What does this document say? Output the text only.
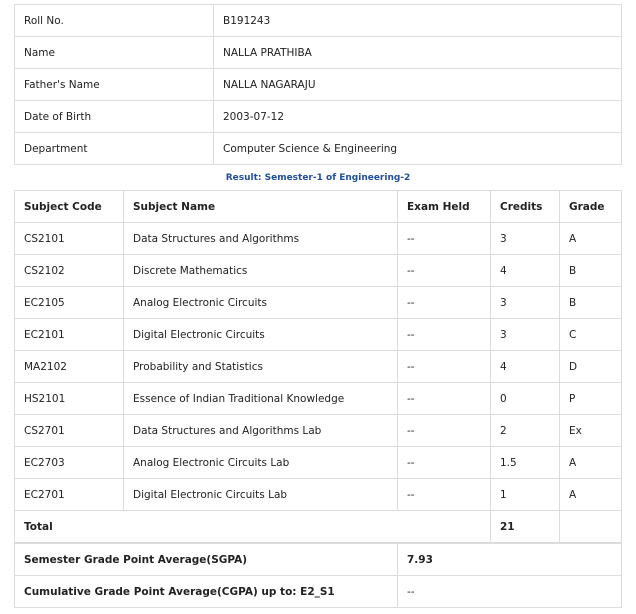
Roll No.	B191243
Name	NALLA PRATHIBA
Father's Name	NALLA NAGARAJU
Date of Birth	2003-07-12
Department	Computer Science & Engineering
Result: Semester-1 of Engineering-2
Subject Code	Subject Name	Exam Held	Credits	Grade
CS2101	Data Structures and Algorithms	--	3	A
CS2102	Discrete Mathematics	--	4	B
EC2105	Analog Electronic Circuits	--	3	B
EC2101	Digital Electronic Circuits	--	3	C
MA2102	Probability and Statistics	--	4	D
HS2101	Essence of Indian Traditional Knowledge	--	0	P
CS2701	Data Structures and Algorithms Lab	--	2	Ex
EC2703	Analog Electronic Circuits Lab	--	1.5	A
EC2701	Digital Electronic Circuits Lab	--	1	A
Total			21	
Semester Grade Point Average(SGPA)	7.93
Cumulative Grade Point Average(CGPA) up to: E2_S1	--
